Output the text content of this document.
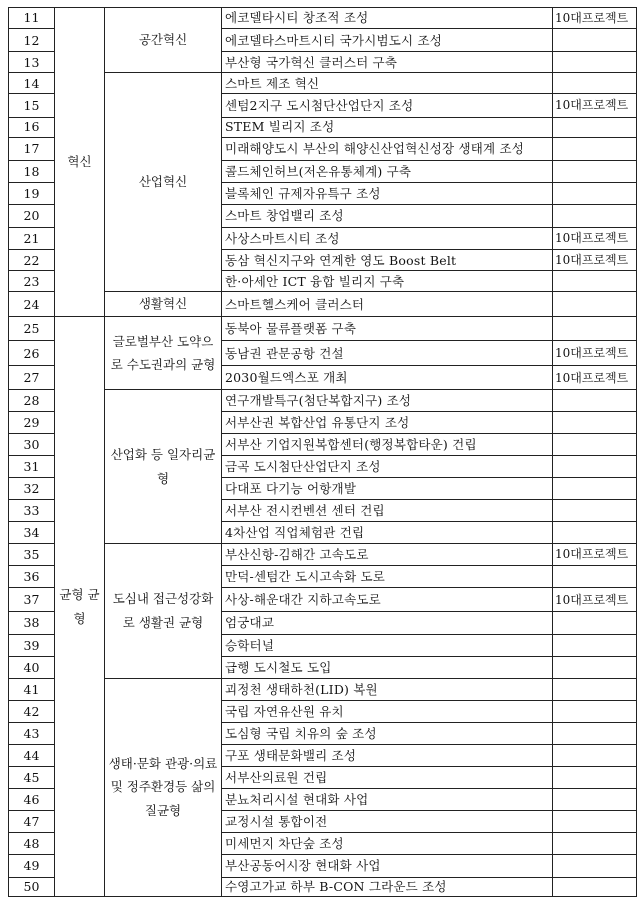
11	혁신	공간혁신	에코델타시티 창조적 조성	10대프로젝트
12			에코델타스마트시티 국가시범도시 조성	
13			부산형 국가혁신 클러스터 구축	
14		산업혁신	스마트 제조 혁신	
15			센텀2지구 도시첨단산업단지 조성	10대프로젝트
16			STEM 빌리지 조성	
17			미래해양도시 부산의 해양신산업혁신성장 생태계 조성	
18			콜드체인허브(저온유통체계) 구축	
19			블록체인 규제자유특구 조성	
20			스마트 창업밸리 조성	
21			사상스마트시티 조성	10대프로젝트
22			동삼 혁신지구와 연계한 영도 Boost Belt	10대프로젝트
23			한·아세안 ICT 융합 빌리지 구축	
24		생활혁신	스마트헬스케어 클러스터	
25	균형 균형	글로벌부산 도약으로 수도권과의 균형	동북아 물류플랫폼 구축	
26			동남권 관문공항 건설	10대프로젝트
27			2030월드엑스포 개최	10대프로젝트
28		산업화 등 일자리균형	연구개발특구(첨단복합지구) 조성	
29			서부산권 복합산업 유통단지 조성	
30			서부산 기업지원복합센터(행정복합타운) 건립	
31			금곡 도시첨단산업단지 조성	
32			다대포 다기능 어항개발	
33			서부산 전시컨벤션 센터 건립	
34			4차산업 직업체험관 건립	
35		도심내 접근성강화로 생활권 균형	부산신항-김해간 고속도로	10대프로젝트
36			만덕-센텀간 도시고속화 도로	
37			사상-해운대간 지하고속도로	10대프로젝트
38			엄궁대교	
39			승학터널	
40			급행 도시철도 도입	
41		생태·문화 관광·의료 및 정주환경등 삶의질균형	괴정천 생태하천(LID) 복원	
42			국립 자연유산원 유치	
43			도심형 국립 치유의 숲 조성	
44			구포 생태문화밸리 조성	
45			서부산의료원 건립	
46			분뇨처리시설 현대화 사업	
47			교정시설 통합이전	
48			미세먼지 차단숲 조성	
49			부산공동어시장 현대화 사업	
50			수영고가교 하부 B-CON 그라운드 조성	
